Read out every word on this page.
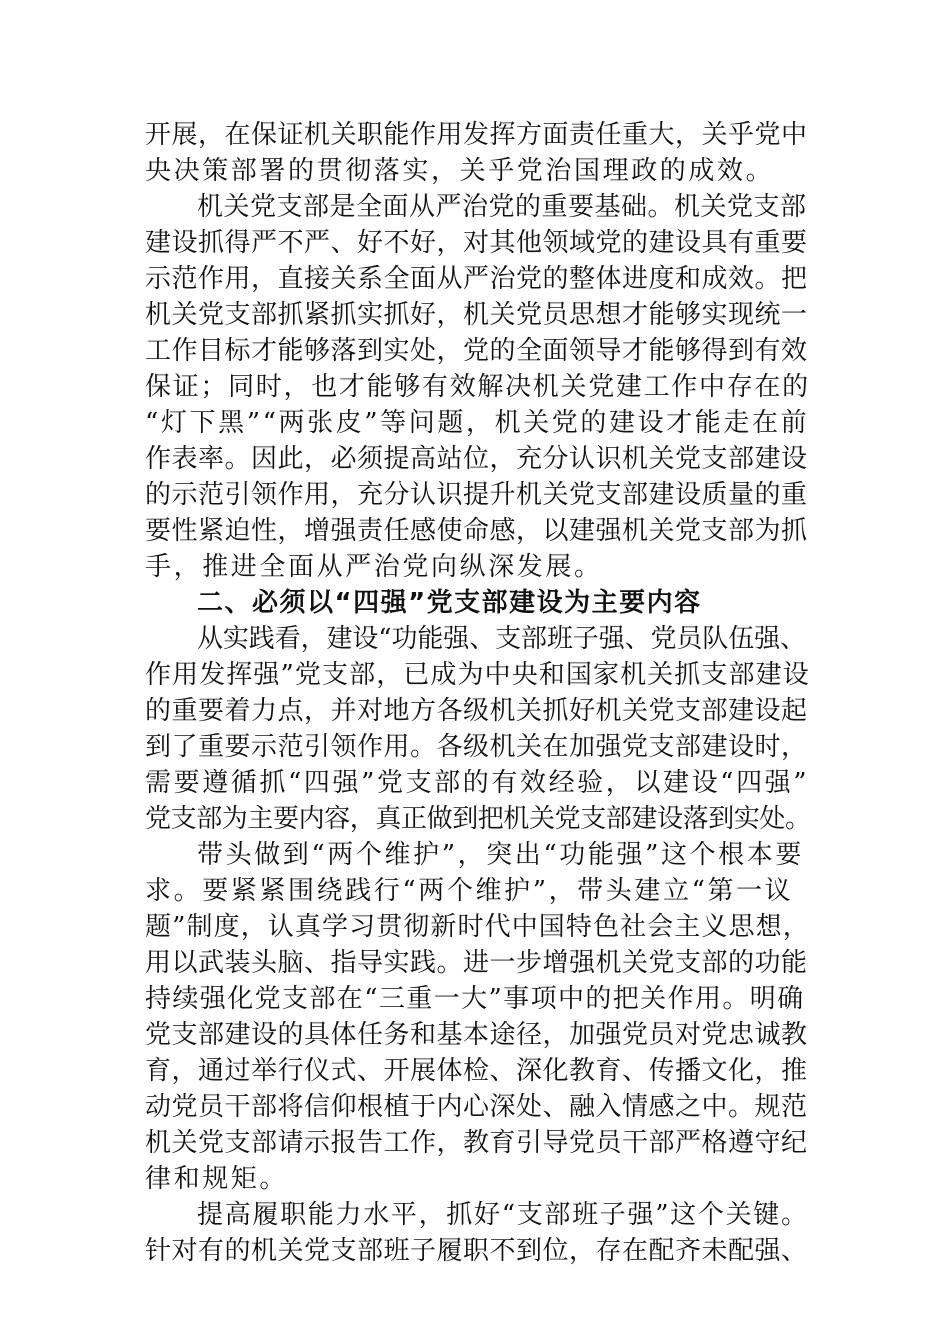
开展，在保证机关职能作用发挥方面责任重大，关乎党中
央决策部署的贯彻落实，关乎党治国理政的成效。
机关党支部是全面从严治党的重要基础。机关党支部
建设抓得严不严、好不好，对其他领域党的建设具有重要
示范作用，直接关系全面从严治党的整体进度和成效。把
机关党支部抓紧抓实抓好，机关党员思想才能够实现统一
工作目标才能够落到实处，党的全面领导才能够得到有效
保证；同时，也才能够有效解决机关党建工作中存在的
“灯下黑”“两张皮”等问题，机关党的建设才能走在前
作表率。因此，必须提高站位，充分认识机关党支部建设
的示范引领作用，充分认识提升机关党支部建设质量的重
要性紧迫性，增强责任感使命感，以建强机关党支部为抓
手，推进全面从严治党向纵深发展。
二、必须以“四强”党支部建设为主要内容
从实践看，建设“功能强、支部班子强、党员队伍强、
作用发挥强”党支部，已成为中央和国家机关抓支部建设
的重要着力点，并对地方各级机关抓好机关党支部建设起
到了重要示范引领作用。各级机关在加强党支部建设时，
需要遵循抓“四强”党支部的有效经验，以建设“四强”
党支部为主要内容，真正做到把机关党支部建设落到实处。
带头做到“两个维护”，突出“功能强”这个根本要
求。要紧紧围绕践行“两个维护”，带头建立“第一议
题”制度，认真学习贯彻新时代中国特色社会主义思想，
用以武装头脑、指导实践。进一步增强机关党支部的功能
持续强化党支部在“三重一大”事项中的把关作用。明确
党支部建设的具体任务和基本途径，加强党员对党忠诚教
育，通过举行仪式、开展体检、深化教育、传播文化，推
动党员干部将信仰根植于内心深处、融入情感之中。规范
机关党支部请示报告工作，教育引导党员干部严格遵守纪
律和规矩。
提高履职能力水平，抓好“支部班子强”这个关键。
针对有的机关党支部班子履职不到位，存在配齐未配强、
